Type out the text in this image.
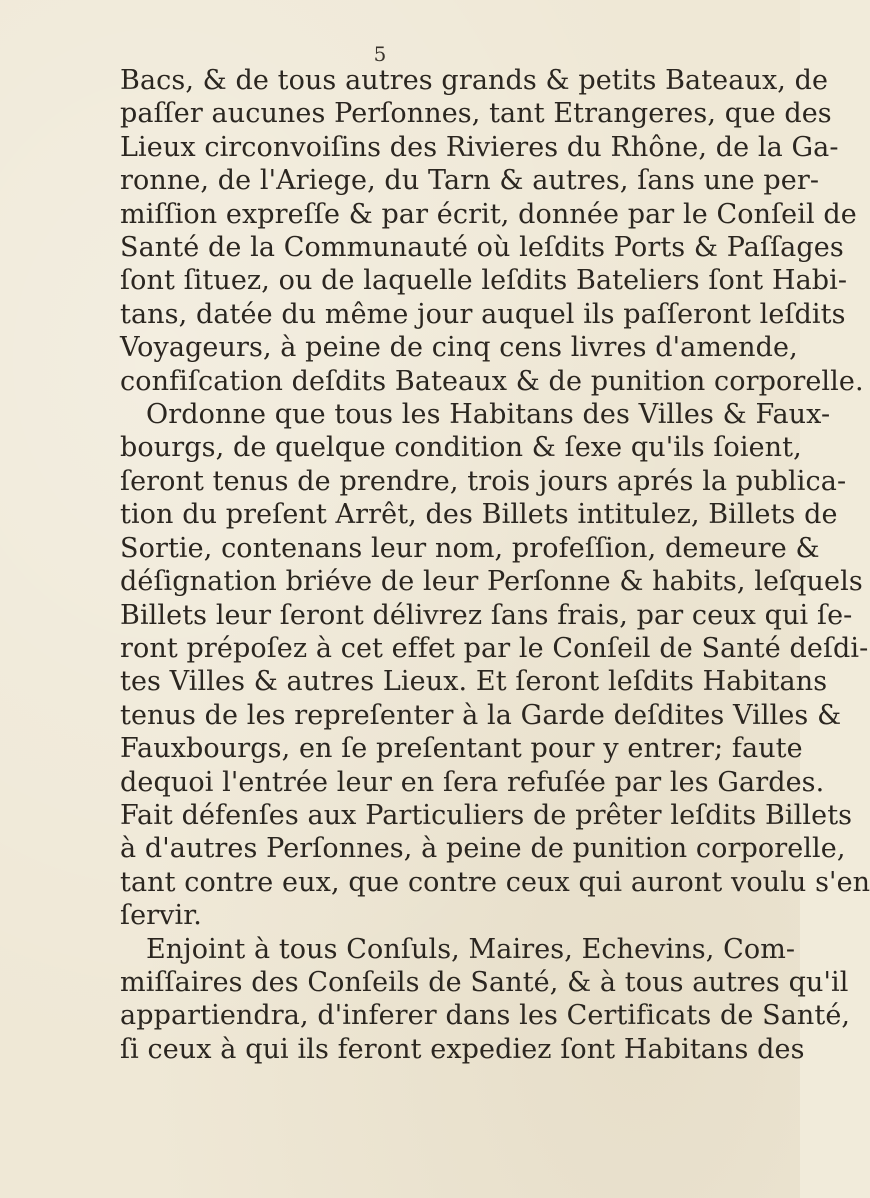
5
Bacs, & de tous autres grands & petits Bateaux, de
paſſer aucunes Perſonnes, tant Etrangeres, que des
Lieux circonvoiſins des Rivieres du Rhône, de la Ga-
ronne, de l'Ariege, du Tarn & autres, ſans une per-
miſſion expreſſe & par écrit, donnée par le Conſeil de
Santé de la Communauté où leſdits Ports & Paſſages
ſont ſituez, ou de laquelle leſdits Bateliers ſont Habi-
tans, datée du même jour auquel ils paſſeront leſdits
Voyageurs, à peine de cinq cens livres d'amende,
confiſcation deſdits Bateaux & de punition corporelle.
Ordonne que tous les Habitans des Villes & Faux-
bourgs, de quelque condition & ſexe qu'ils ſoient,
ſeront tenus de prendre, trois jours aprés la publica-
tion du preſent Arrêt, des Billets intitulez, Billets de
Sortie, contenans leur nom, profeſſion, demeure &
déſignation briéve de leur Perſonne & habits, leſquels
Billets leur ſeront délivrez ſans frais, par ceux qui ſe-
ront prépoſez à cet effet par le Conſeil de Santé deſdi-
tes Villes & autres Lieux. Et ſeront leſdits Habitans
tenus de les repreſenter à la Garde deſdites Villes &
Fauxbourgs, en ſe preſentant pour y entrer; faute
dequoi l'entrée leur en ſera refuſée par les Gardes.
Fait défenſes aux Particuliers de prêter leſdits Billets
à d'autres Perſonnes, à peine de punition corporelle,
tant contre eux, que contre ceux qui auront voulu s'en
ſervir.
Enjoint à tous Conſuls, Maires, Echevins, Com-
miſſaires des Conſeils de Santé, & à tous autres qu'il
appartiendra, d'inferer dans les Certificats de Santé,
ſi ceux à qui ils feront expediez ſont Habitans des
